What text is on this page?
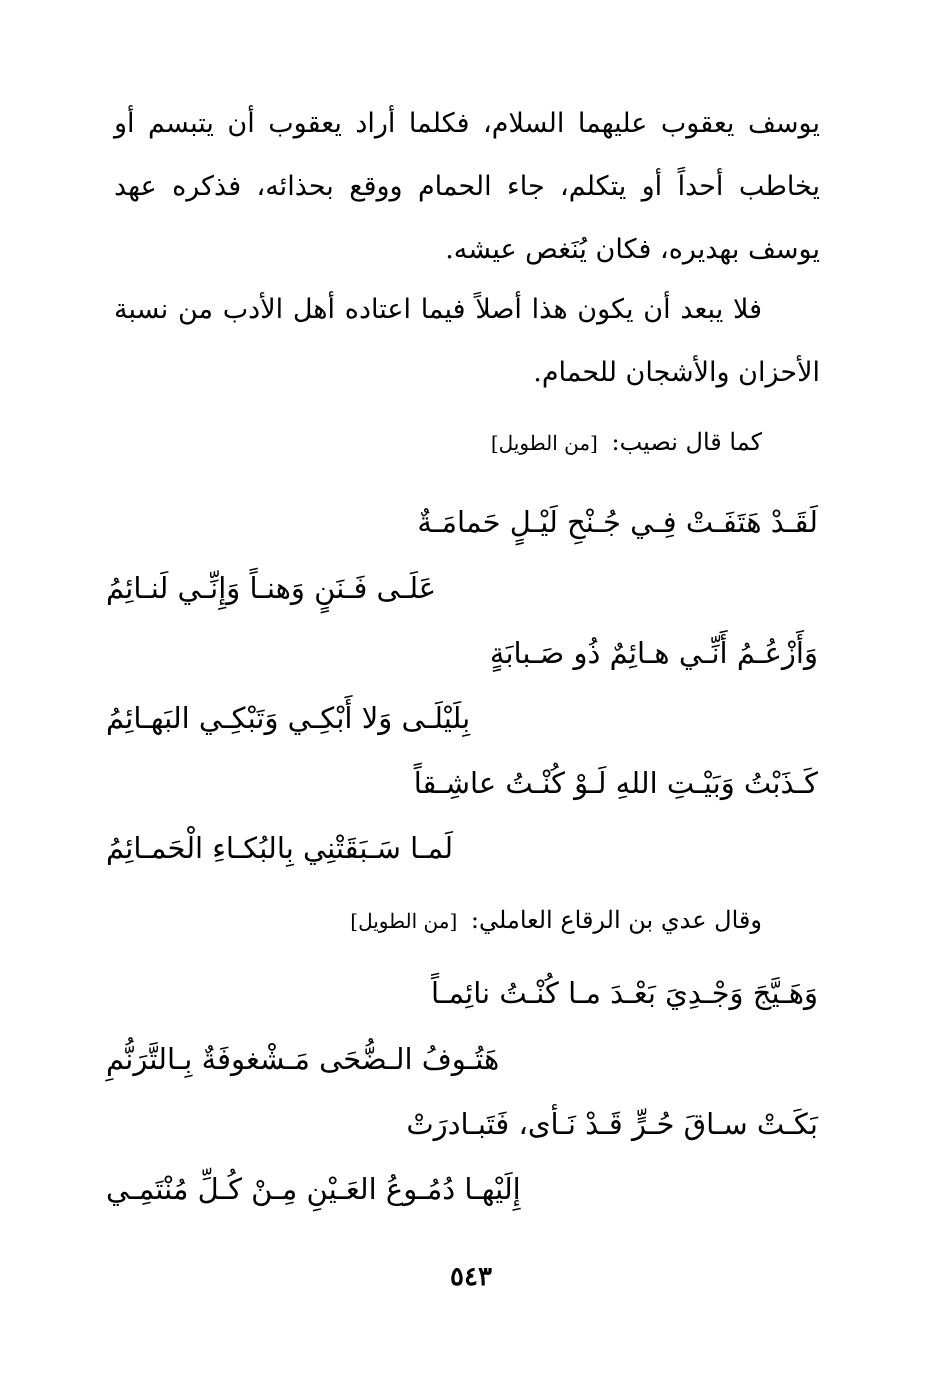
يوسف يعقوب عليهما السلام، فكلما أراد يعقوب أن يتبسم أو يخاطب أحداً أو يتكلم، جاء الحمام ووقع بحذائه، فذكره عهد يوسف بهديره، فكان يُنَغص عيشه.

فلا يبعد أن يكون هذا أصلاً فيما اعتاده أهل الأدب من نسبة الأحزان والأشجان للحمام.

كما قال نصيب: [من الطويل]
لَقَـدْ هَتَفَـتْ فِـي جُـنْحِ لَيْـلٍ حَمامَـةٌ
عَلَـى فَـنَنٍ وَهنـاً وَإِنِّـي لَنـائِمُ
وَأَزْعُـمُ أَنِّـي هـائِمٌ ذُو صَـبابَةٍ
بِلَيْلَـى وَلا أَبْكِـي وَتَبْكِـي البَهـائِمُ
كَـذَبْتُ وَبَيْـتِ اللهِ لَـوْ كُنْـتُ عاشِـقاً
لَمـا سَـبَقَتْنِي بِالبُكـاءِ الْحَمـائِمُ
وقال عدي بن الرقاع العاملي: [من الطويل]
وَهَـيَّجَ وَجْـدِيَ بَعْـدَ مـا كُنْـتُ نائِمـاً
هَتُـوفُ الـضُّحَى مَـشْغوفَةٌ بِـالتَّرَنُّمِ
بَكَـتْ سـاقَ حُـرٍّ قَـدْ نَـأى، فَتَبـادرَتْ
إِلَيْهـا دُمُـوعُ العَـيْنِ مِـنْ كُـلِّ مُنْتَمِـي
٥٤٣
